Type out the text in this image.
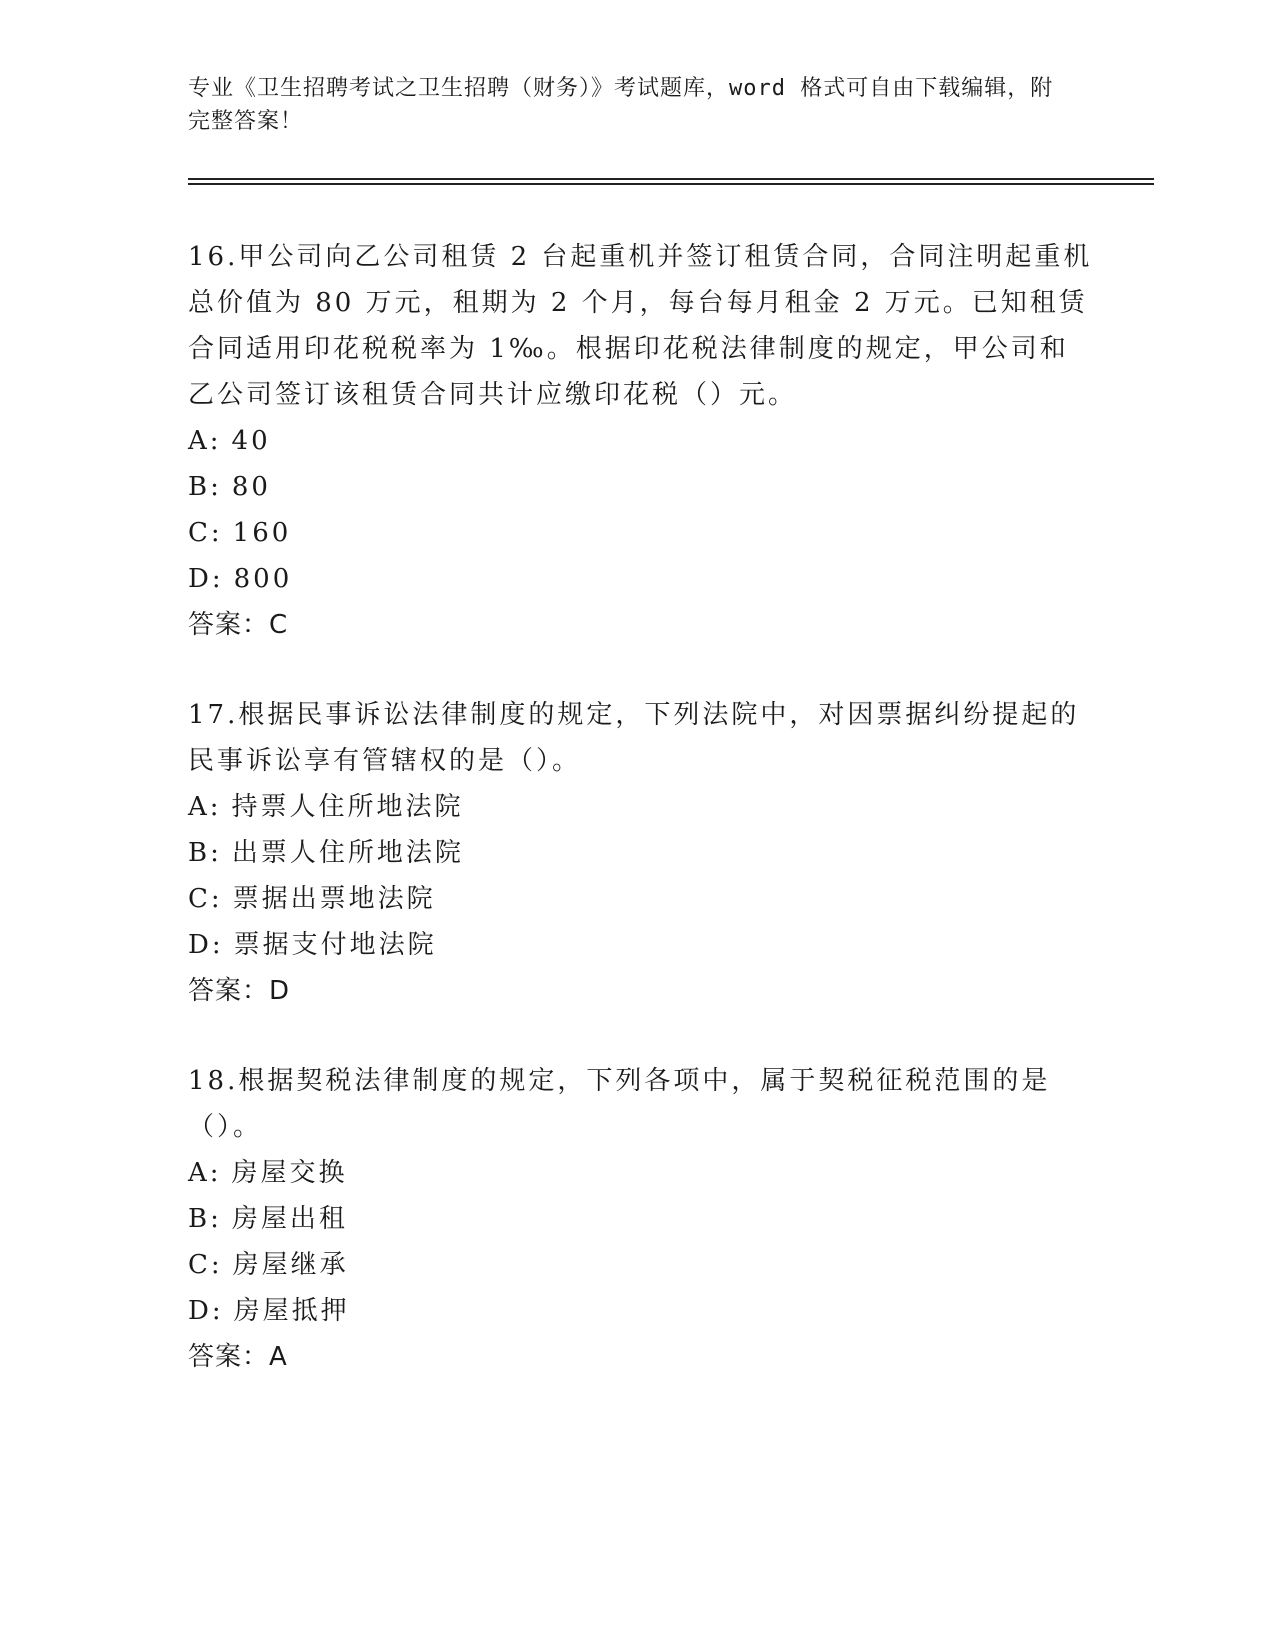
专业《卫生招聘考试之卫生招聘（财务）》考试题库，word 格式可自由下载编辑，附完整答案！

16.甲公司向乙公司租赁 2 台起重机并签订租赁合同，合同注明起重机总价值为 80 万元，租期为 2 个月，每台每月租金 2 万元。已知租赁合同适用印花税税率为 1‰。根据印花税法律制度的规定，甲公司和乙公司签订该租赁合同共计应缴印花税（）元。

A: 40
B: 80
C: 160
D: 800
答案：C

17.根据民事诉讼法律制度的规定，下列法院中，对因票据纠纷提起的民事诉讼享有管辖权的是（）。

A: 持票人住所地法院
B: 出票人住所地法院
C: 票据出票地法院
D: 票据支付地法院
答案：D

18.根据契税法律制度的规定，下列各项中，属于契税征税范围的是（）。

A: 房屋交换
B: 房屋出租
C: 房屋继承
D: 房屋抵押
答案：A
